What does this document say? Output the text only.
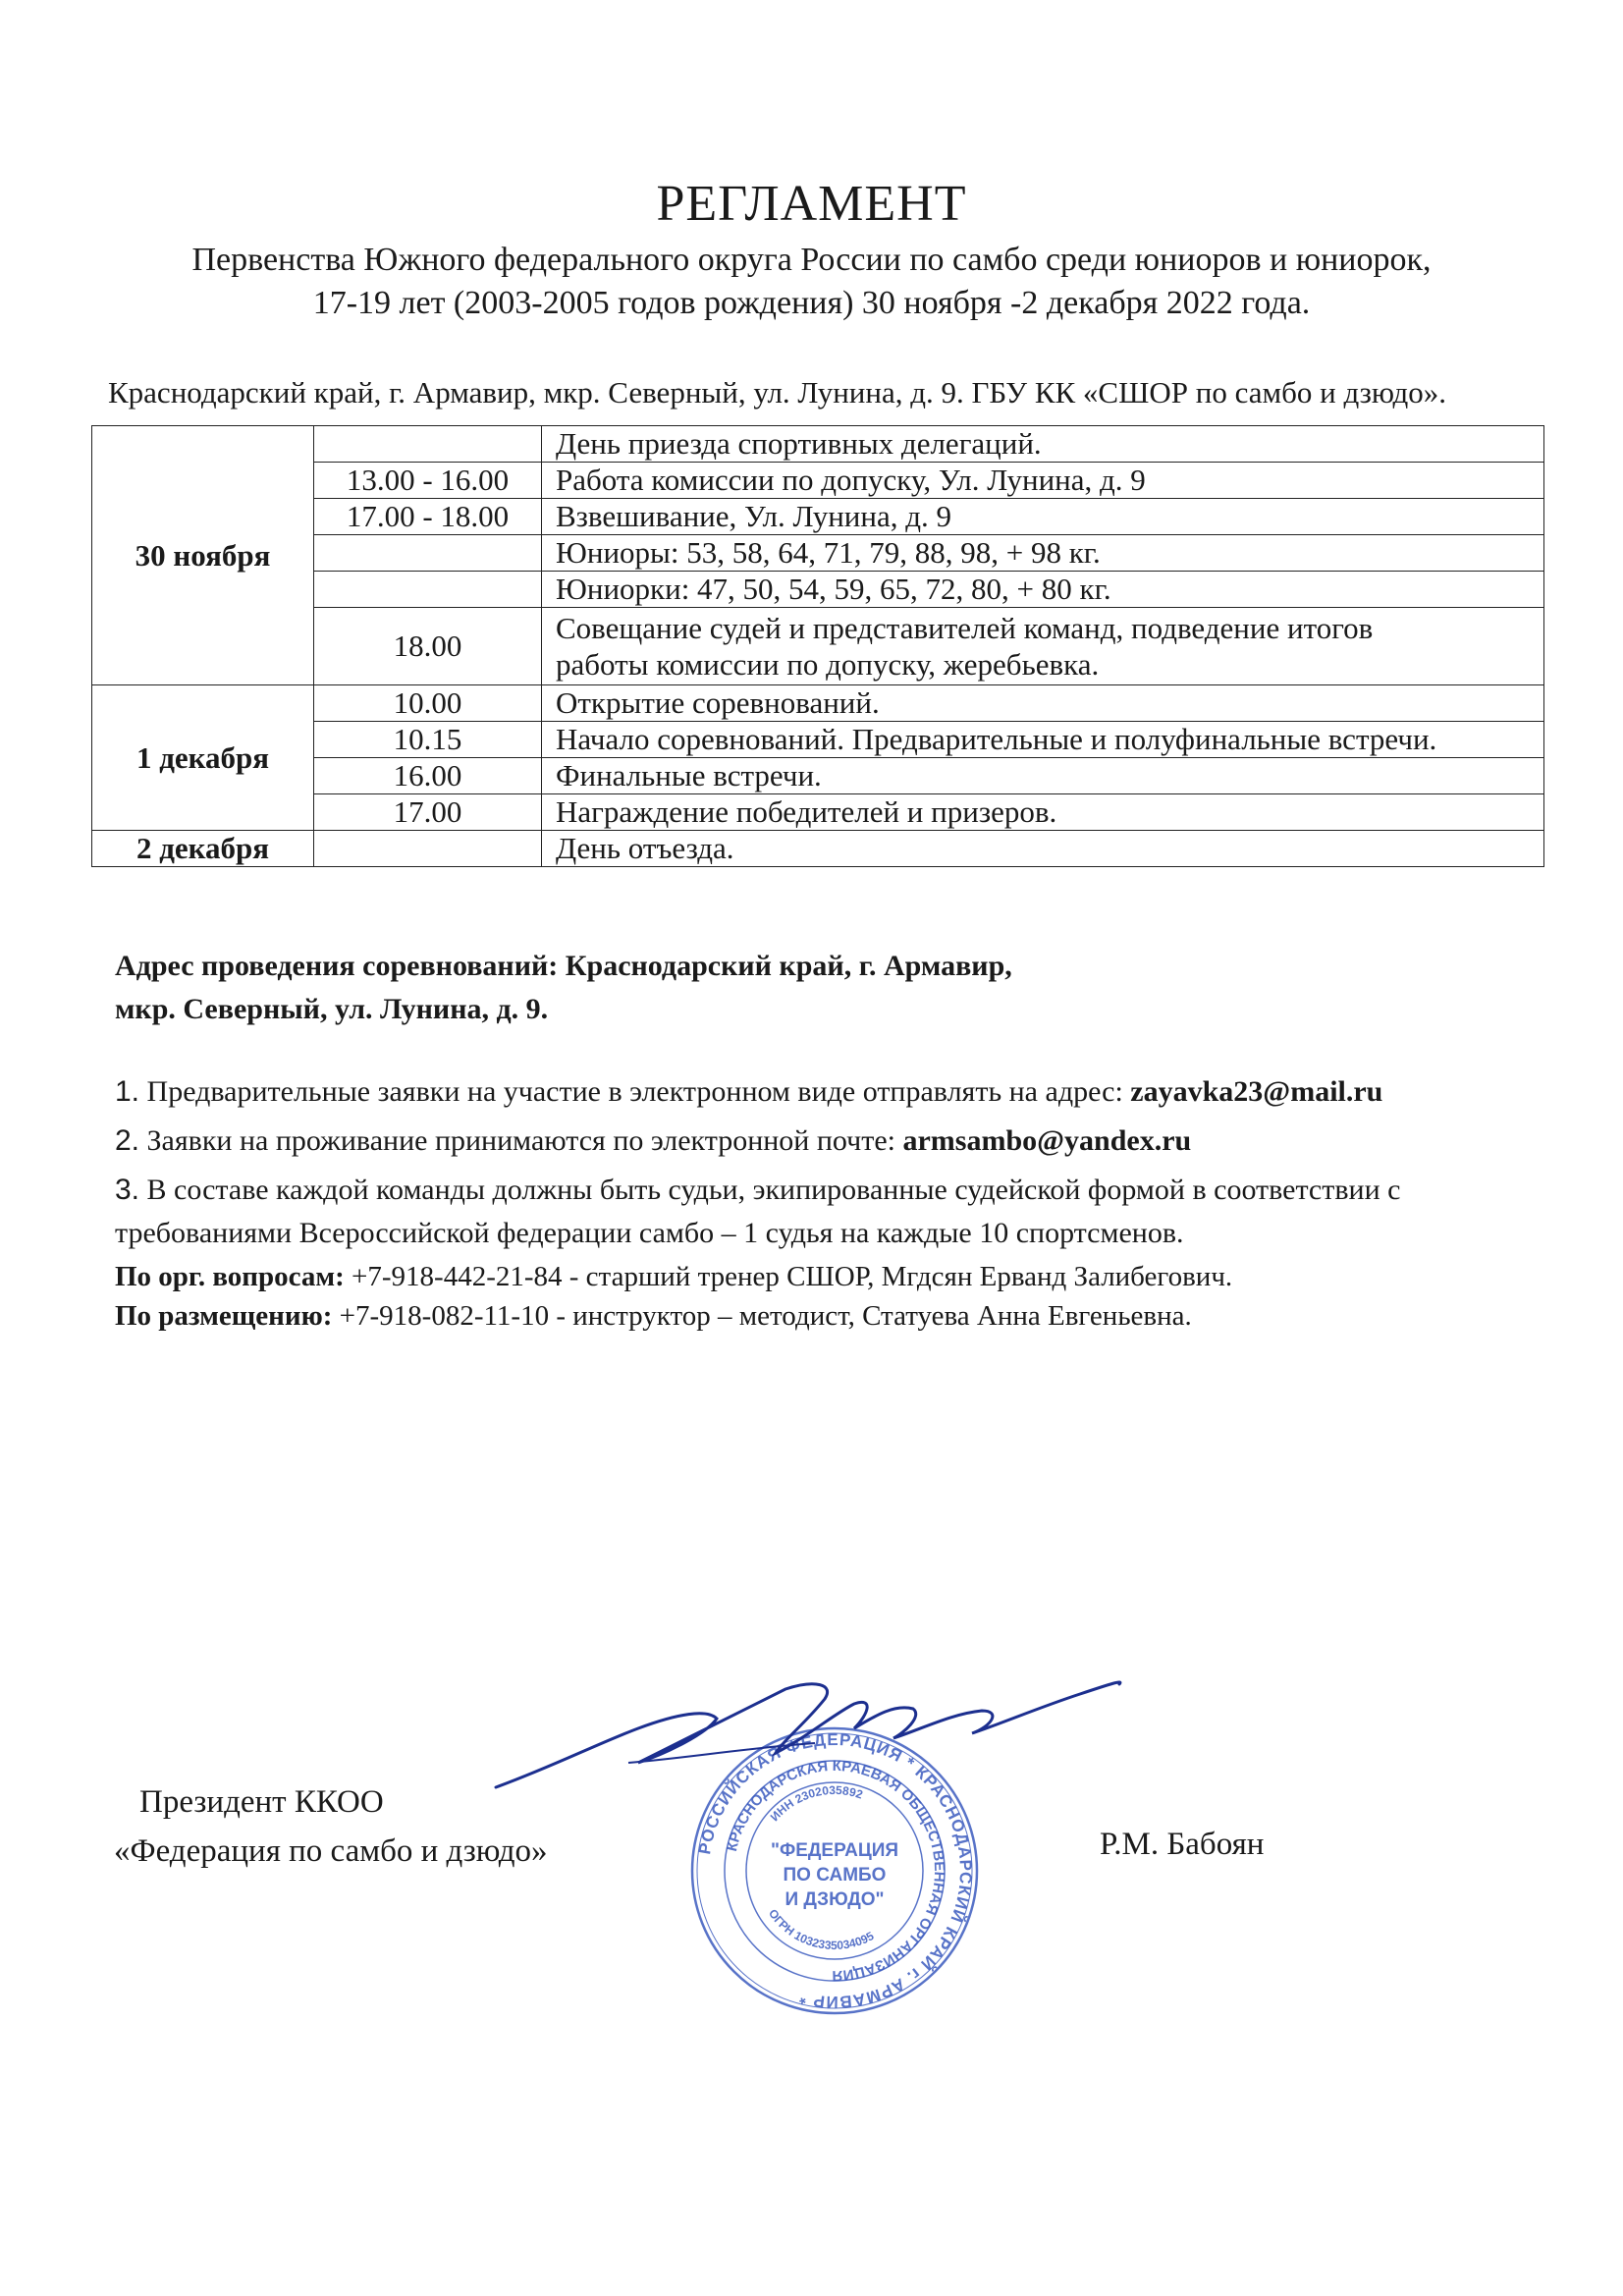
РЕГЛАМЕНТ
Первенства Южного федерального округа России по самбо среди юниоров и юниорок,
17-19 лет (2003-2005 годов рождения) 30 ноября -2 декабря 2022 года.
Краснодарский край, г. Армавир, мкр. Северный, ул. Лунина, д. 9. ГБУ КК «СШОР по самбо и дзюдо».
30 ноября		День приезда спортивных делегаций.
	13.00 - 16.00	Работа комиссии по допуску, Ул. Лунина, д. 9
	17.00 - 18.00	Взвешивание, Ул. Лунина, д. 9
		Юниоры: 53, 58, 64, 71, 79, 88, 98, + 98 кг.
		Юниорки: 47, 50, 54, 59, 65, 72, 80, + 80 кг.
	18.00	Совещание судей и представителей команд, подведение итогов
работы комиссии по допуску, жеребьевка.
1 декабря	10.00	Открытие соревнований.
	10.15	Начало соревнований. Предварительные и полуфинальные встречи.
	16.00	Финальные встречи.
	17.00	Награждение победителей и призеров.
2 декабря		День отъезда.
Адрес проведения соревнований: Краснодарский край, г. Армавир,
мкр. Северный, ул. Лунина, д. 9.
1. Предварительные заявки на участие в электронном виде отправлять на адрес: zayavka23@mail.ru
2. Заявки на проживание принимаются по электронной почте: armsambo@yandex.ru
3. В составе каждой команды должны быть судьи, экипированные судейской формой в соответствии с
требованиями Всероссийской федерации самбо – 1 судья на каждые 10 спортсменов.
По орг. вопросам: +7-918-442-21-84 - старший тренер СШОР, Мгдсян Ерванд Залибегович.
По размещению: +7-918-082-11-10 - инструктор – методист, Статуева Анна Евгеньевна.
Президент ККОО
«Федерация по самбо и дзюдо»	Р.М. Бабоян
РОССИЙСКАЯ ФЕДЕРАЦИЯ * КРАСНОДАРСКИЙ КРАЙ г. АРМАВИР *
КРАСНОДАРСКАЯ КРАЕВАЯ ОБЩЕСТВЕННАЯ ОРГАНИЗАЦИЯ
ИНН 2302035892
ОГРН 1032335034095
"ФЕДЕРАЦИЯ
ПО САМБО
И ДЗЮДО"
